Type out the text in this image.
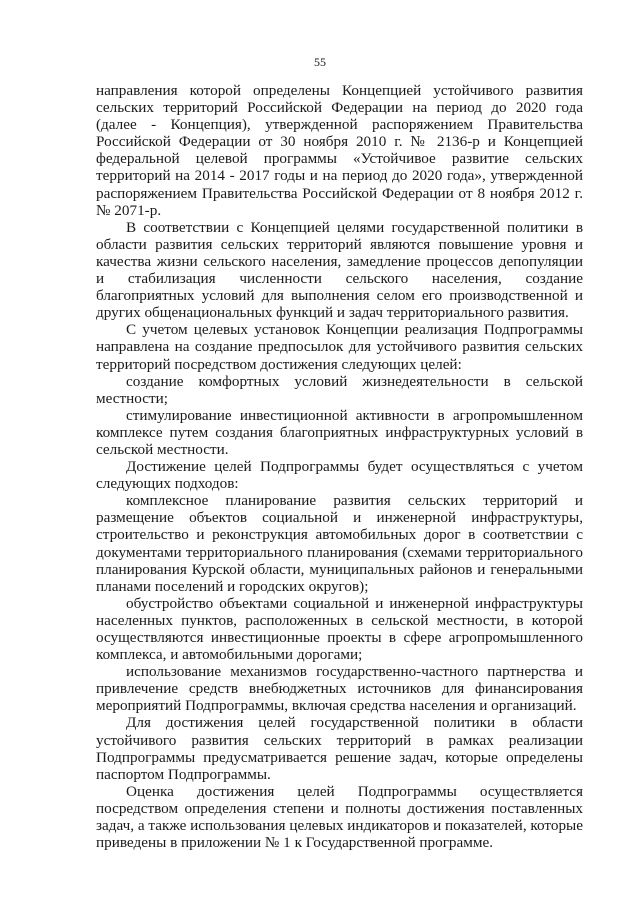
55

направления которой определены Концепцией устойчивого развития сельских территорий Российской Федерации на период до 2020 года (далее - Концепция), утвержденной распоряжением Правительства Российской Федерации от 30 ноября 2010 г. № 2136-р и Концепцией федеральной целевой программы «Устойчивое развитие сельских территорий на 2014 - 2017 годы и на период до 2020 года», утвержденной распоряжением Правительства Российской Федерации от 8 ноября 2012 г. № 2071-р.

В соответствии с Концепцией целями государственной политики в области развития сельских территорий являются повышение уровня и качества жизни сельского населения, замедление процессов депопуляции и стабилизация численности сельского населения, создание благоприятных условий для выполнения селом его производственной и других общенациональных функций и задач территориального развития.

С учетом целевых установок Концепции реализация Подпрограммы направлена на создание предпосылок для устойчивого развития сельских территорий посредством достижения следующих целей:

создание комфортных условий жизнедеятельности в сельской местности;

стимулирование инвестиционной активности в агропромышленном комплексе путем создания благоприятных инфраструктурных условий в сельской местности.

Достижение целей Подпрограммы будет осуществляться с учетом следующих подходов:

комплексное планирование развития сельских территорий и размещение объектов социальной и инженерной инфраструктуры, строительство и реконструкция автомобильных дорог в соответствии с документами территориального планирования (схемами территориального планирования Курской области, муниципальных районов и генеральными планами поселений и городских округов);

обустройство объектами социальной и инженерной инфраструктуры населенных пунктов, расположенных в сельской местности, в которой осуществляются инвестиционные проекты в сфере агропромышленного комплекса, и автомобильными дорогами;

использование механизмов государственно-частного партнерства и привлечение средств внебюджетных источников для финансирования мероприятий Подпрограммы, включая средства населения и организаций.

Для достижения целей государственной политики в области устойчивого развития сельских территорий в рамках реализации Подпрограммы предусматривается решение задач, которые определены паспортом Подпрограммы.

Оценка достижения целей Подпрограммы осуществляется посредством определения степени и полноты достижения поставленных задач, а также использования целевых индикаторов и показателей, которые приведены в приложении № 1 к Государственной программе.
